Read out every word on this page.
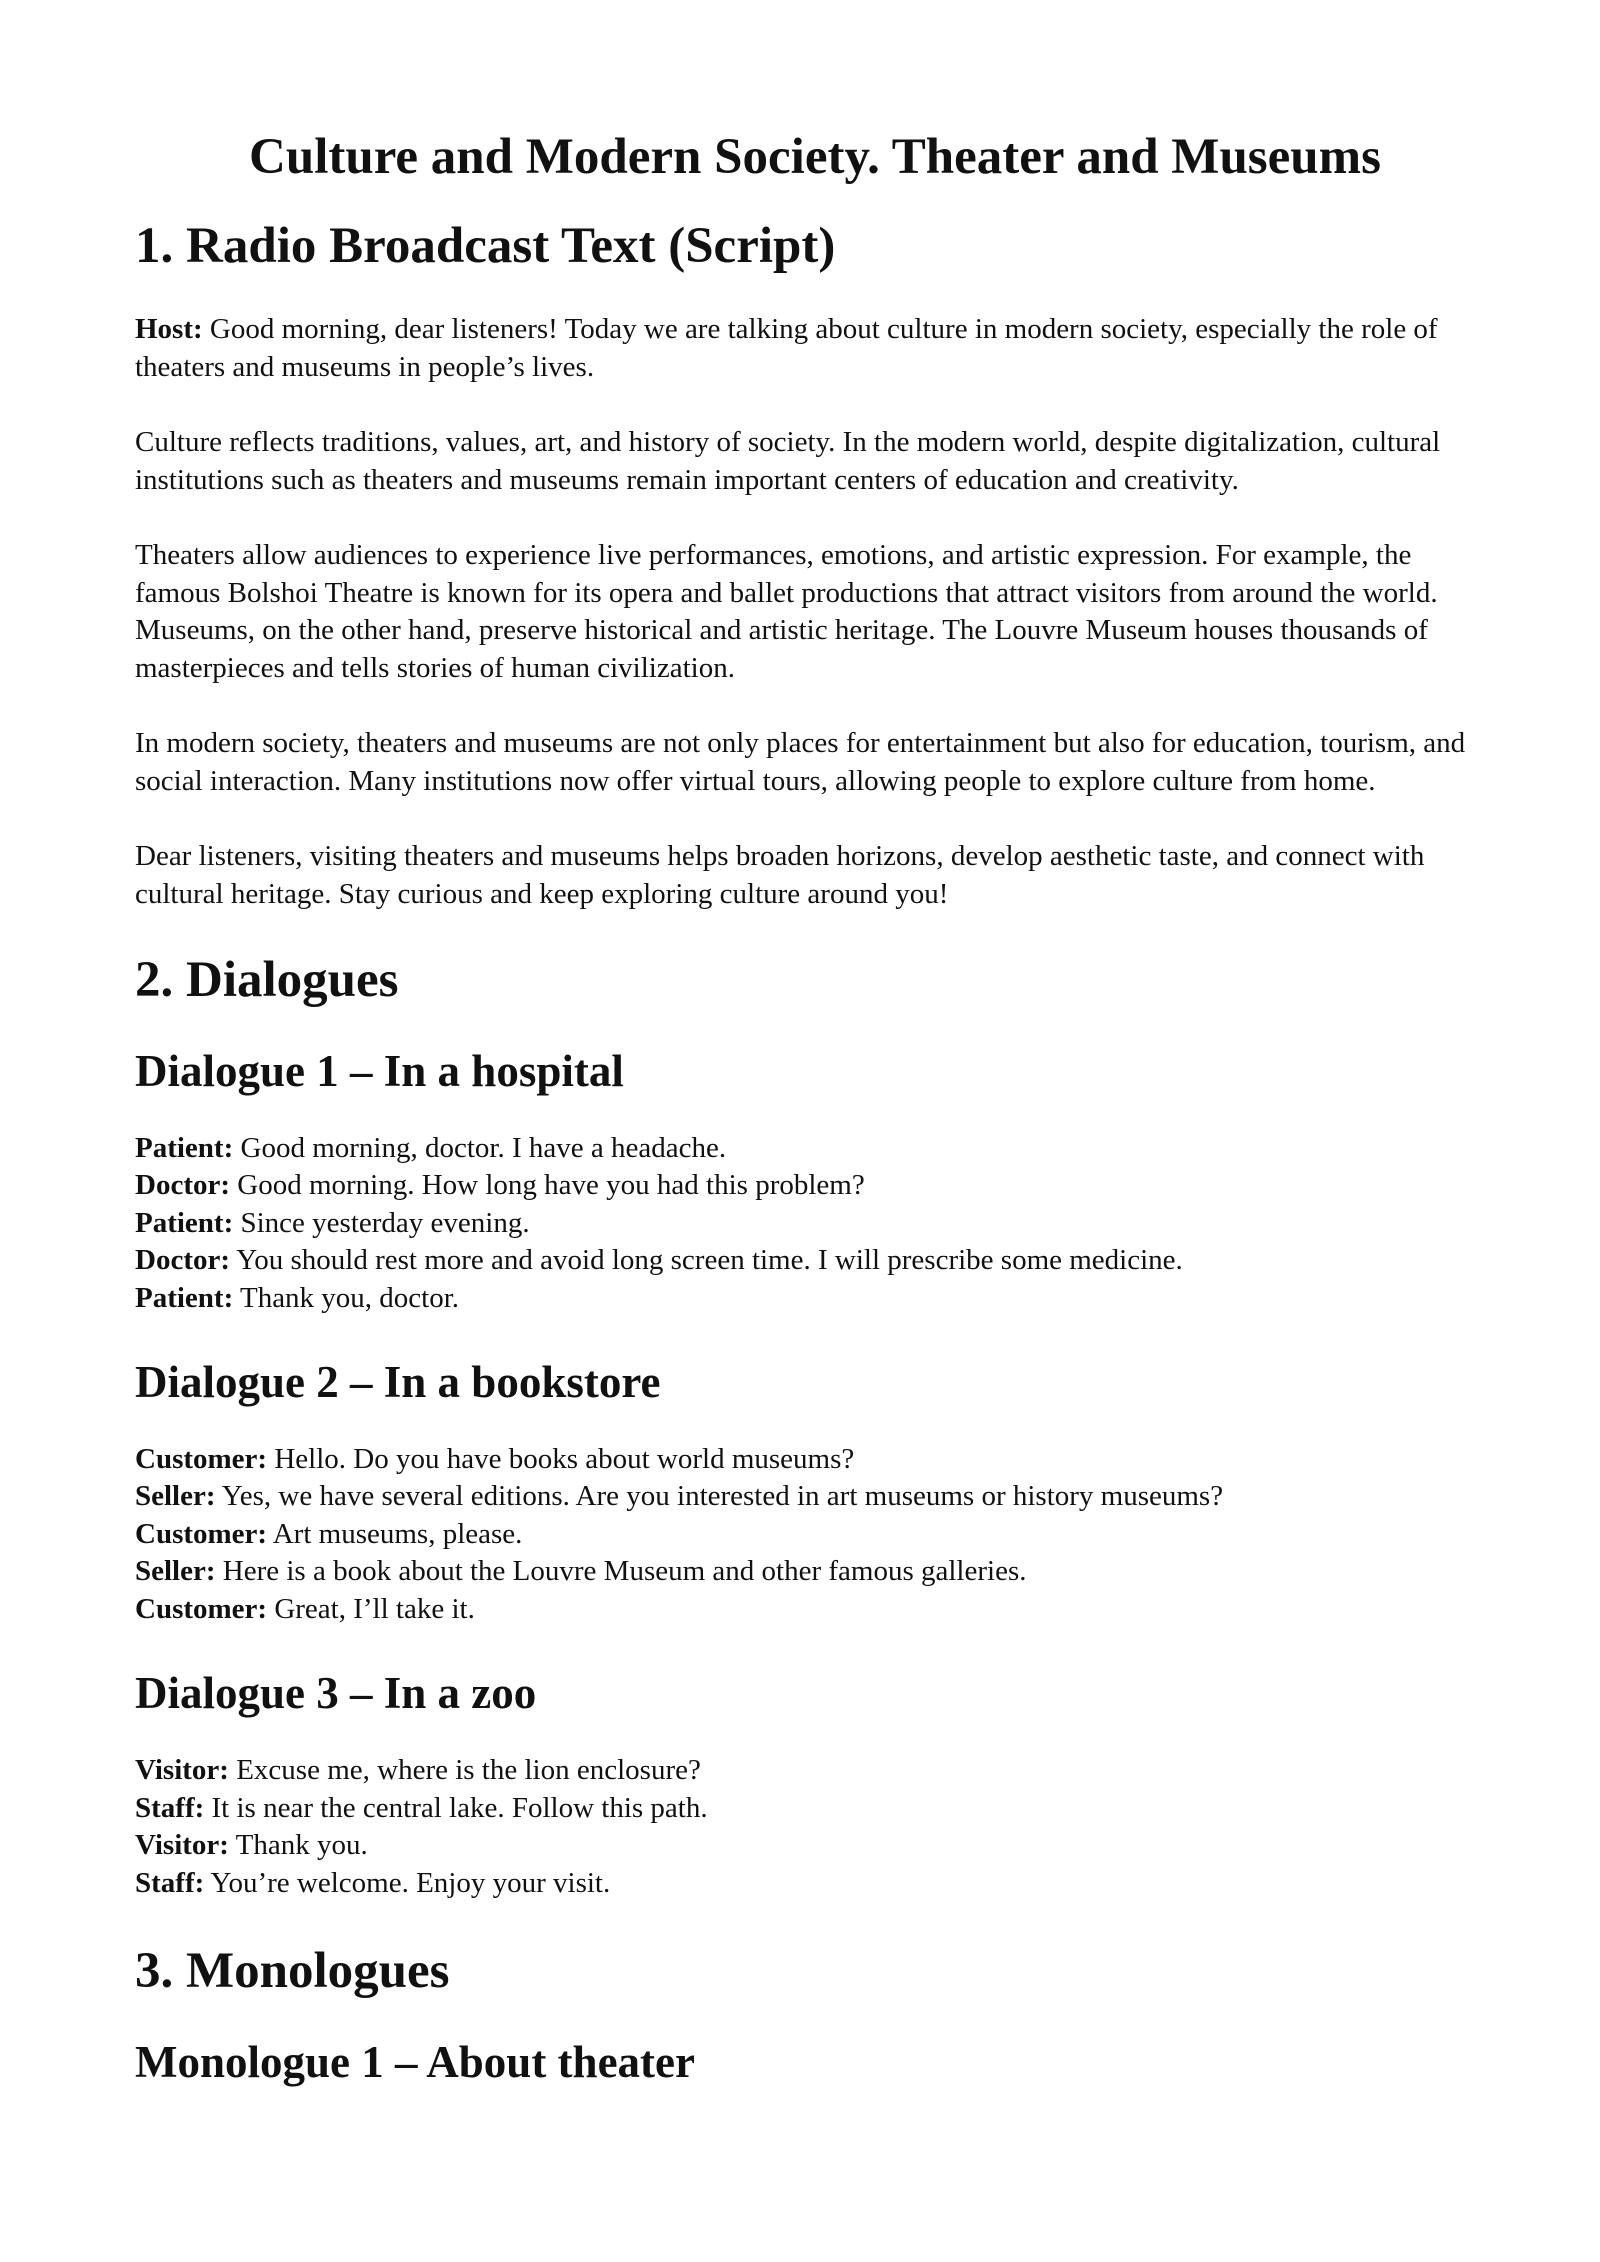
Culture and Modern Society. Theater and Museums
1. Radio Broadcast Text (Script)

Host: Good morning, dear listeners! Today we are talking about culture in modern society, especially the role of theaters and museums in people’s lives.

Culture reflects traditions, values, art, and history of society. In the modern world, despite digitalization, cultural institutions such as theaters and museums remain important centers of education and creativity.

Theaters allow audiences to experience live performances, emotions, and artistic expression. For example, the famous Bolshoi Theatre is known for its opera and ballet productions that attract visitors from around the world. Museums, on the other hand, preserve historical and artistic heritage. The Louvre Museum houses thousands of masterpieces and tells stories of human civilization.

In modern society, theaters and museums are not only places for entertainment but also for education, tourism, and social interaction. Many institutions now offer virtual tours, allowing people to explore culture from home.

Dear listeners, visiting theaters and museums helps broaden horizons, develop aesthetic taste, and connect with cultural heritage. Stay curious and keep exploring culture around you!

2. Dialogues
Dialogue 1 – In a hospital
Patient: Good morning, doctor. I have a headache.
Doctor: Good morning. How long have you had this problem?
Patient: Since yesterday evening.
Doctor: You should rest more and avoid long screen time. I will prescribe some medicine.
Patient: Thank you, doctor.
Dialogue 2 – In a bookstore
Customer: Hello. Do you have books about world museums?
Seller: Yes, we have several editions. Are you interested in art museums or history museums?
Customer: Art museums, please.
Seller: Here is a book about the Louvre Museum and other famous galleries.
Customer: Great, I’ll take it.
Dialogue 3 – In a zoo
Visitor: Excuse me, where is the lion enclosure?
Staff: It is near the central lake. Follow this path.
Visitor: Thank you.
Staff: You’re welcome. Enjoy your visit.
3. Monologues
Monologue 1 – About theater
